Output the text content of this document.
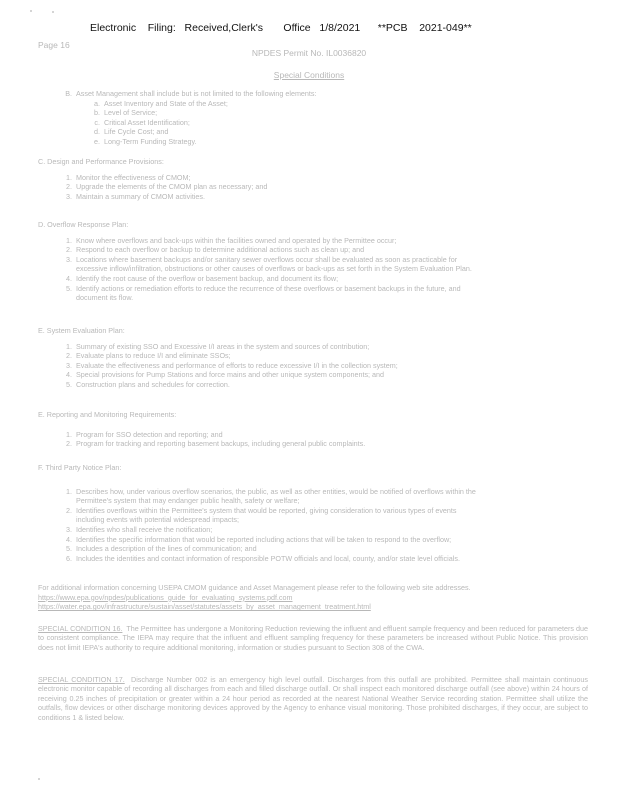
Electronic    Filing:   Received,Clerk's       Office   1/8/2021      **PCB    2021-049**
Page 16
NPDES Permit No. IL0036820
Special Conditions
B. Asset Management shall include but is not limited to the following elements:
a. Asset Inventory and State of the Asset;
b. Level of Service;
c. Critical Asset Identification;
d. Life Cycle Cost; and
e. Long-Term Funding Strategy.
C. Design and Performance Provisions:
1. Monitor the effectiveness of CMOM;
2. Upgrade the elements of the CMOM plan as necessary; and
3. Maintain a summary of CMOM activities.
D. Overflow Response Plan:
1. Know where overflows and back-ups within the facilities owned and operated by the Permittee occur;
2. Respond to each overflow or backup to determine additional actions such as clean up; and
3. Locations where basement backups and/or sanitary sewer overflows occur shall be evaluated as soon as practicable for
excessive inflow/infiltration, obstructions or other causes of overflows or back-ups as set forth in the System Evaluation Plan.
4. Identify the root cause of the overflow or basement backup, and document its flow;
5. Identify actions or remediation efforts to reduce the recurrence of these overflows or basement backups in the future, and
document its flow.
E. System Evaluation Plan:
1. Summary of existing SSO and Excessive I/I areas in the system and sources of contribution;
2. Evaluate plans to reduce I/I and eliminate SSOs;
3. Evaluate the effectiveness and performance of efforts to reduce excessive I/I in the collection system;
4. Special provisions for Pump Stations and force mains and other unique system components; and
5. Construction plans and schedules for correction.
E. Reporting and Monitoring Requirements:
1. Program for SSO detection and reporting; and
2. Program for tracking and reporting basement backups, including general public complaints.
F. Third Party Notice Plan:
1. Describes how, under various overflow scenarios, the public, as well as other entities, would be notified of overflows within the
Permittee's system that may endanger public health, safety or welfare;
2. Identifies overflows within the Permittee's system that would be reported, giving consideration to various types of events
including events with potential widespread impacts;
3. Identifies who shall receive the notification;
4. Identifies the specific information that would be reported including actions that will be taken to respond to the overflow;
5. Includes a description of the lines of communication; and
6. Includes the identities and contact information of responsible POTW officials and local, county, and/or state level officials.
For additional information concerning USEPA CMOM guidance and Asset Management please refer to the following web site addresses.
https://www.epa.gov/npdes/publications_guide_for_evaluating_systems.pdf.com
https://water.epa.gov/infrastructure/sustain/asset/statutes/assets_by_asset_management_treatment.html

SPECIAL CONDITION 16. The Permittee has undergone a Monitoring Reduction reviewing the influent and effluent sample frequency and been reduced for parameters due to consistent compliance. The IEPA may require that the influent and effluent sampling frequency for these parameters be increased without Public Notice. This provision does not limit IEPA's authority to require additional monitoring, information or studies pursuant to Section 308 of the CWA.

SPECIAL CONDITION 17. Discharge Number 002 is an emergency high level outfall. Discharges from this outfall are prohibited. Permittee shall maintain continuous electronic monitor capable of recording all discharges from each and filled discharge outfall. Or shall inspect each monitored discharge outfall (see above) within 24 hours of receiving 0.25 inches of precipitation or greater within a 24 hour period as recorded at the nearest National Weather Service recording station. Permittee shall utilize the outfalls, flow devices or other discharge monitoring devices approved by the Agency to enhance visual monitoring. Those prohibited discharges, if they occur, are subject to conditions 1 & listed below.
